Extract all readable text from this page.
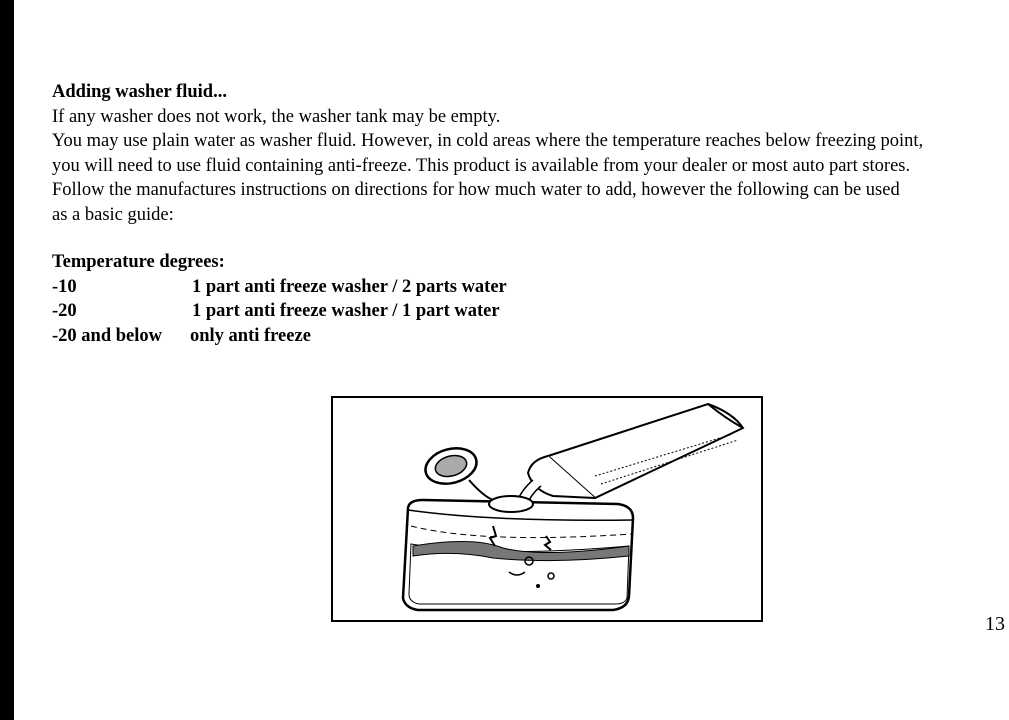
Adding washer fluid...
If any washer does not work, the washer tank may be empty.
You may use plain water as washer fluid. However, in cold areas where the temperature reaches below freezing point,
you will need to use fluid containing anti-freeze. This product is available from your dealer or most auto part stores.
Follow the manufactures instructions on directions for how much water to add, however the following can be used
as a basic guide:
Temperature degrees:
-10	1 part anti freeze washer / 2 parts water
-20	1 part anti freeze washer / 1 part water
-20 and below only anti freeze
13
